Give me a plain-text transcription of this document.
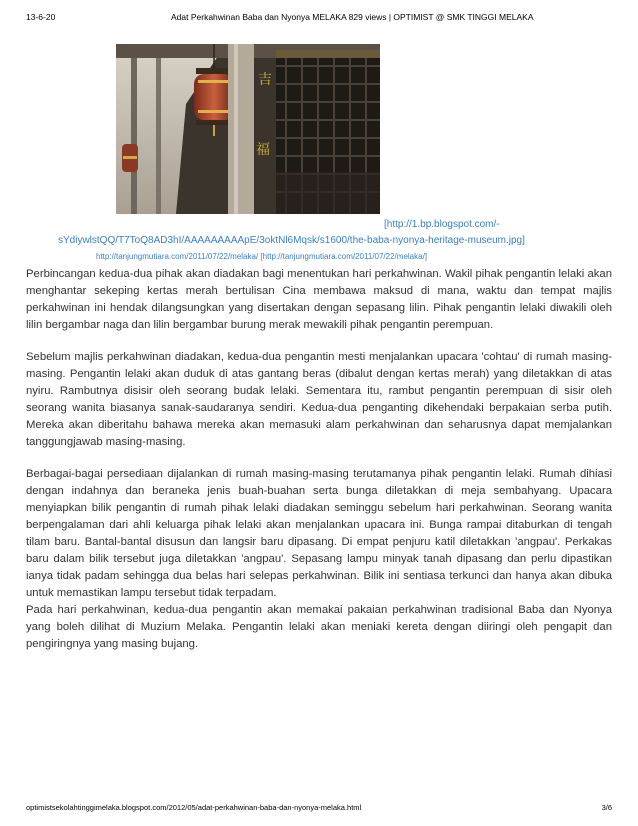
13-6-20	Adat Perkahwinan Baba dan Nyonya MELAKA 829 views | OPTIMIST @ SMK TINGGI MELAKA
吉
福
[http://1.bp.blogspot.com/-
sYdiywlstQQ/T7ToQ8AD3hI/AAAAAAAAApE/3oktNl6Mqsk/s1600/the-baba-nyonya-heritage-museum.jpg]
http://tanjungmutiara.com/2011/07/22/melaka/ [http://tanjungmutiara.com/2011/07/22/melaka/]

Perbincangan kedua-dua pihak akan diadakan bagi menentukan hari perkahwinan. Wakil pihak pengantin lelaki akan menghantar sekeping kertas merah bertulisan Cina membawa maksud di mana, waktu dan tempat majlis perkahwinan ini hendak dilangsungkan yang disertakan dengan sepasang lilin. Pihak pengantin lelaki diwakili oleh lilin bergambar naga dan lilin bergambar burung merak mewakili pihak pengantin perempuan.

Sebelum majlis perkahwinan diadakan, kedua-dua pengantin mesti menjalankan upacara 'cohtau' di rumah masing-masing. Pengantin lelaki akan duduk di atas gantang beras (dibalut dengan kertas merah) yang diletakkan di atas nyiru. Rambutnya disisir oleh seorang budak lelaki. Sementara itu, rambut pengantin perempuan di sisir oleh seorang wanita biasanya sanak-saudaranya sendiri. Kedua-dua penganting dikehendaki berpakaian serba putih. Mereka akan diberitahu bahawa mereka akan memasuki alam perkahwinan dan seharusnya dapat memjalankan tanggungjawab masing-masing.

Berbagai-bagai persediaan dijalankan di rumah masing-masing terutamanya pihak pengantin lelaki. Rumah dihiasi dengan indahnya dan beraneka jenis buah-buahan serta bunga diletakkan di meja sembahyang. Upacara menyiapkan bilik pengantin di rumah pihak lelaki diadakan seminggu sebelum hari perkahwinan. Seorang wanita berpengalaman dari ahli keluarga pihak lelaki akan menjalankan upacara ini. Bunga rampai ditaburkan di tengah tilam baru. Bantal-bantal disusun dan langsir baru dipasang. Di empat penjuru katil diletakkan 'angpau'. Perkakas baru dalam bilik tersebut juga diletakkan 'angpau'. Sepasang lampu minyak tanah dipasang dan perlu dipastikan ianya tidak padam sehingga dua belas hari selepas perkahwinan. Bilik ini sentiasa terkunci dan hanya akan dibuka untuk memastikan lampu tersebut tidak terpadam.

Pada hari perkahwinan, kedua-dua pengantin akan memakai pakaian perkahwinan tradisional Baba dan Nyonya yang boleh dilihat di Muzium Melaka. Pengantin lelaki akan meniaki kereta dengan diiringi oleh pengapit dan pengiringnya yang masing bujang.

optimistsekolahtinggimelaka.blogspot.com/2012/05/adat-perkahwinan-baba-dan-nyonya-melaka.html	3/6
